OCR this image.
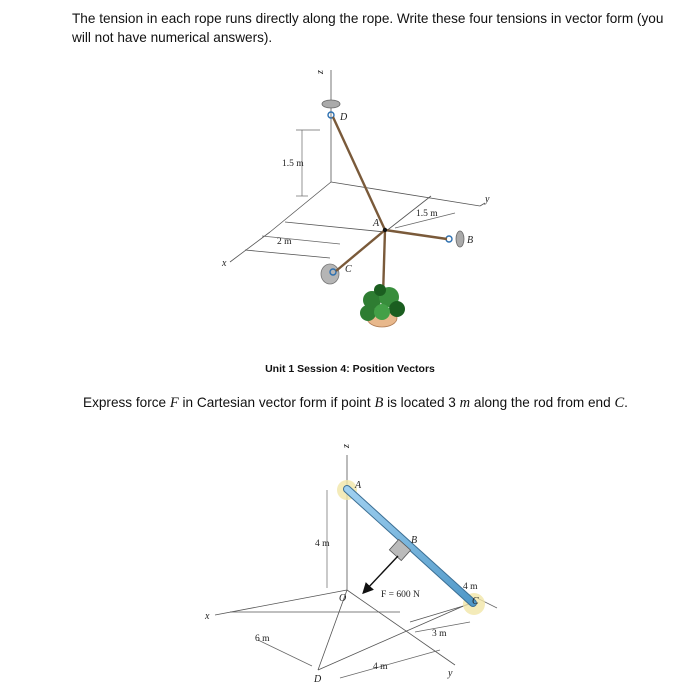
The tension in each rope runs directly along the rope. Write these four tensions in vector form (you will not have numerical answers).
z
D
1.5 m
1.5 m
y
A
B
2 m
x
C
Unit 1 Session 4: Position Vectors
Express force F in Cartesian vector form if point B is located 3 m along the rod from end C.
z
A
4 m	B
F = 600 N
O
4 m
C
x
3 m
6 m
4 m
y
D
